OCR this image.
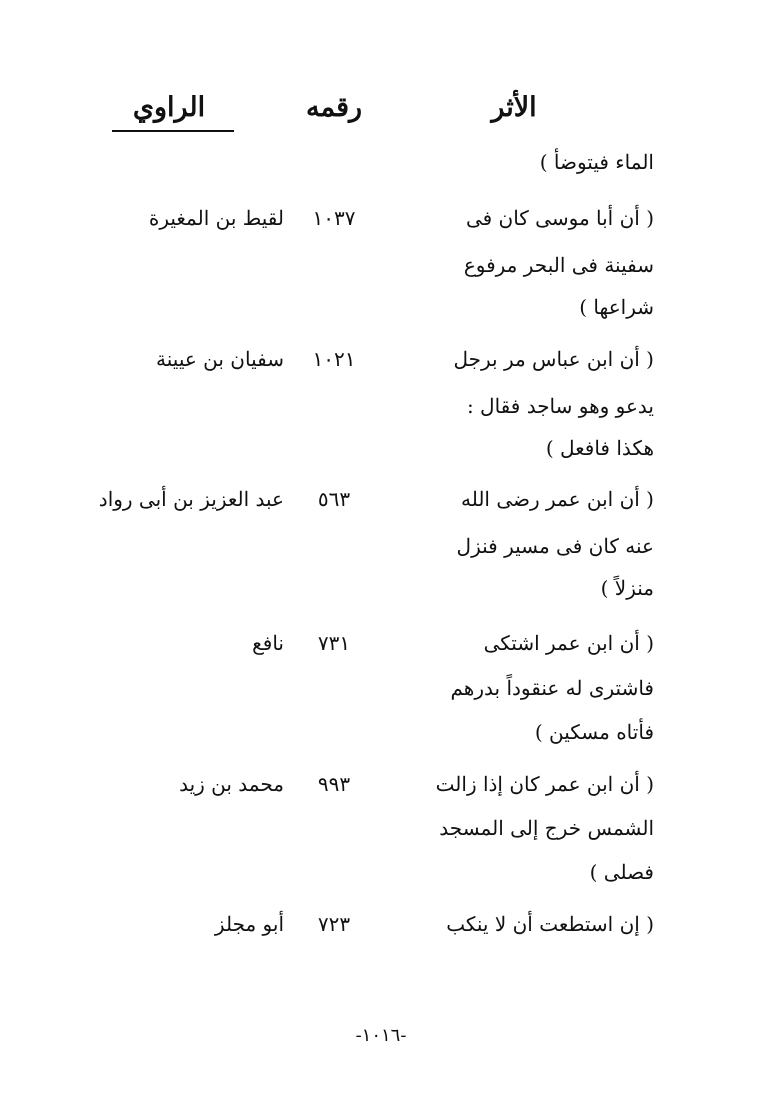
الأثر
رقمه
الراوي
الماء فيتوضأ )
( أن أبا موسى كان فى
سفينة فى البحر مرفوع
شراعها )
١٠٣٧
لقيط بن المغيرة
( أن ابن عباس مر برجل
يدعو وهو ساجد فقال :
هكذا فافعل )
١٠٢١
سفيان بن عيينة
( أن ابن عمر رضى الله
عنه كان فى مسير فنزل
منزلاً )
٥٦٣
عبد العزيز بن أبى رواد
( أن ابن عمر اشتكى
فاشترى له عنقوداً بدرهم
فأتاه مسكين )
٧٣١
نافع
( أن ابن عمر كان إذا زالت
الشمس خرج إلى المسجد
فصلى )
٩٩٣
محمد بن زيد
( إن استطعت أن لا ينكب
٧٢٣
أبو مجلز
-١٠١٦-
